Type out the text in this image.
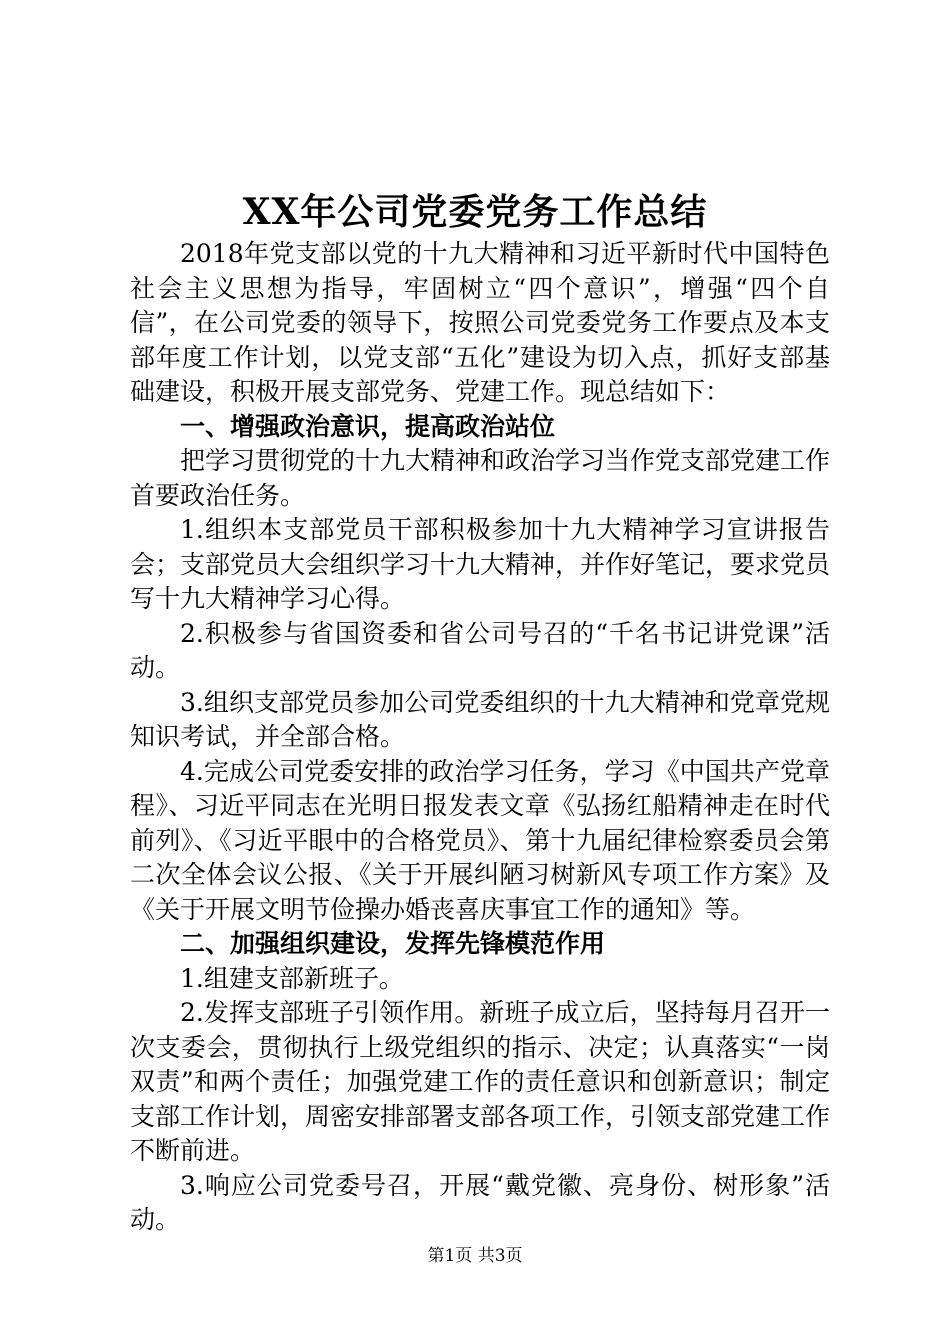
XX年公司党委党务工作总结

2018年党支部以党的十九大精神和习近平新时代中国特色社会主义思想为指导，牢固树立“四个意识”，增强“四个自信”，在公司党委的领导下，按照公司党委党务工作要点及本支部年度工作计划，以党支部“五化”建设为切入点，抓好支部基础建设，积极开展支部党务、党建工作。现总结如下：

一、增强政治意识，提高政治站位

把学习贯彻党的十九大精神和政治学习当作党支部党建工作首要政治任务。

1.组织本支部党员干部积极参加十九大精神学习宣讲报告会；支部党员大会组织学习十九大精神，并作好笔记，要求党员写十九大精神学习心得。

2.积极参与省国资委和省公司号召的“千名书记讲党课”活动。

3.组织支部党员参加公司党委组织的十九大精神和党章党规知识考试，并全部合格。

4.完成公司党委安排的政治学习任务，学习《中国共产党章程》、习近平同志在光明日报发表文章《弘扬红船精神走在时代前列》、《习近平眼中的合格党员》、第十九届纪律检察委员会第二次全体会议公报、《关于开展纠陋习树新风专项工作方案》及《关于开展文明节俭操办婚丧喜庆事宜工作的通知》等。

二、加强组织建设，发挥先锋模范作用

1.组建支部新班子。

2.发挥支部班子引领作用。新班子成立后，坚持每月召开一次支委会，贯彻执行上级党组织的指示、决定；认真落实“一岗双责”和两个责任；加强党建工作的责任意识和创新意识；制定支部工作计划，周密安排部署支部各项工作，引领支部党建工作不断前进。

3.响应公司党委号召，开展“戴党徽、亮身份、树形象”活动。

第1页 共3页
